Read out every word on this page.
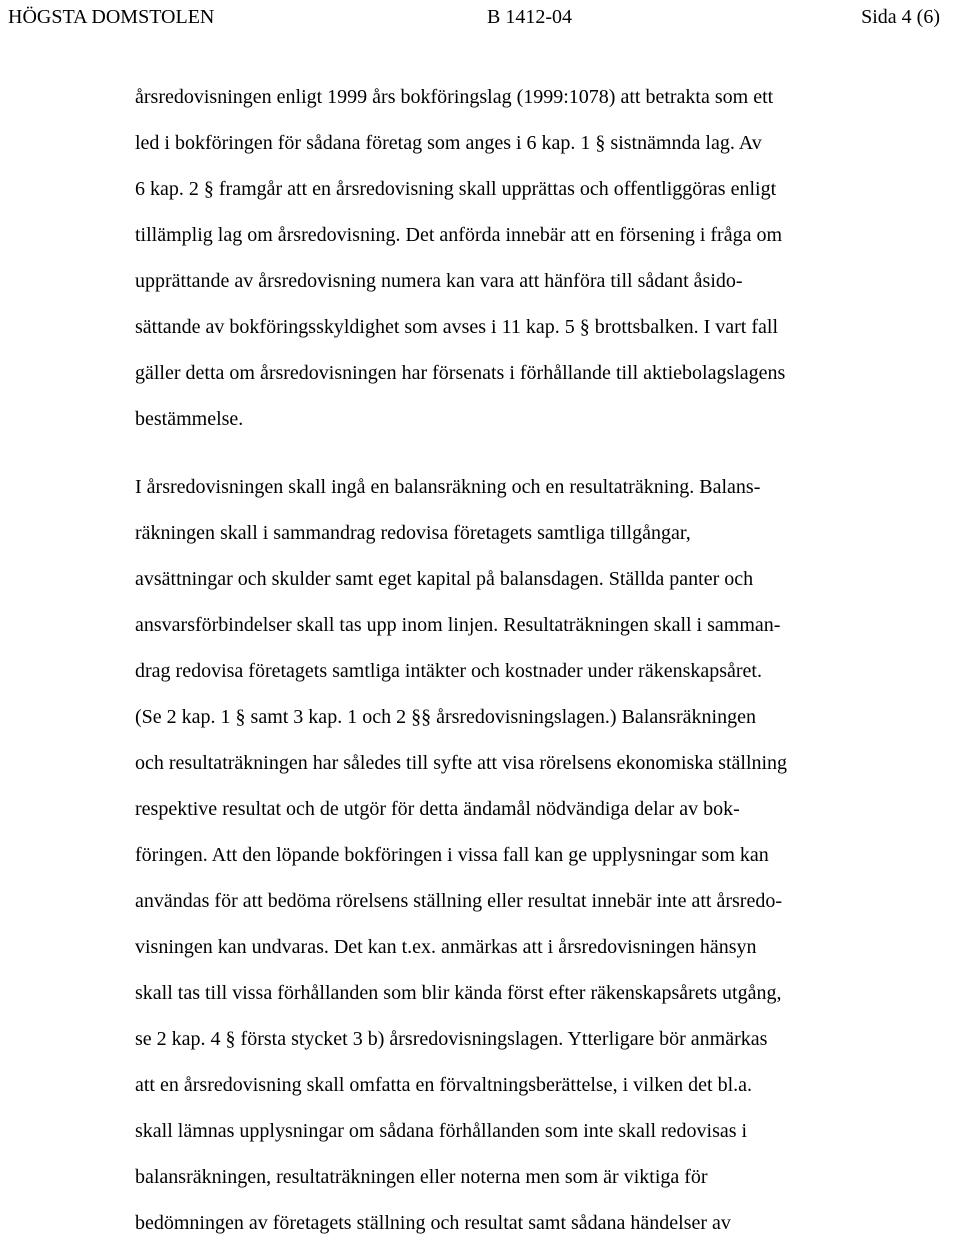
HÖGSTA DOMSTOLEN	B 1412-04	Sida 4 (6)
årsredovisningen enligt 1999 års bokföringslag (1999:1078) att betrakta som ett
led i bokföringen för sådana företag som anges i 6 kap. 1 § sistnämnda lag. Av
6 kap. 2 § framgår att en årsredovisning skall upprättas och offentliggöras enligt
tillämplig lag om årsredovisning. Det anförda innebär att en försening i fråga om
upprättande av årsredovisning numera kan vara att hänföra till sådant åsido-
sättande av bokföringsskyldighet som avses i 11 kap. 5 § brottsbalken. I vart fall
gäller detta om årsredovisningen har försenats i förhållande till aktiebolagslagens
bestämmelse.
I årsredovisningen skall ingå en balansräkning och en resultaträkning. Balans-
räkningen skall i sammandrag redovisa företagets samtliga tillgångar,
avsättningar och skulder samt eget kapital på balansdagen. Ställda panter och
ansvarsförbindelser skall tas upp inom linjen. Resultaträkningen skall i samman-
drag redovisa företagets samtliga intäkter och kostnader under räkenskapsåret.
(Se 2 kap. 1 § samt 3 kap. 1 och 2 §§ årsredovisningslagen.) Balansräkningen
och resultaträkningen har således till syfte att visa rörelsens ekonomiska ställning
respektive resultat och de utgör för detta ändamål nödvändiga delar av bok-
föringen. Att den löpande bokföringen i vissa fall kan ge upplysningar som kan
användas för att bedöma rörelsens ställning eller resultat innebär inte att årsredo-
visningen kan undvaras. Det kan t.ex. anmärkas att i årsredovisningen hänsyn
skall tas till vissa förhållanden som blir kända först efter räkenskapsårets utgång,
se 2 kap. 4 § första stycket 3 b) årsredovisningslagen. Ytterligare bör anmärkas
att en årsredovisning skall omfatta en förvaltningsberättelse, i vilken det bl.a.
skall lämnas upplysningar om sådana förhållanden som inte skall redovisas i
balansräkningen, resultaträkningen eller noterna men som är viktiga för
bedömningen av företagets ställning och resultat samt sådana händelser av
